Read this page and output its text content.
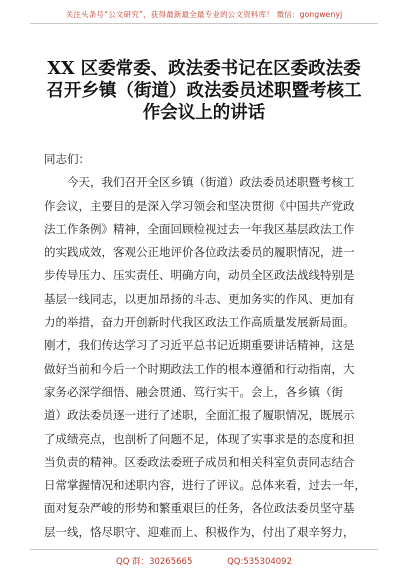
关注头条号“公文研究”，获得最新最全最专业的公文资料库！ 微信：gongwenyj
XX 区委常委、政法委书记在区委政法委
召开乡镇（街道）政法委员述职暨考核工
作会议上的讲话
同志们：
今天，我们召开全区乡镇（街道）政法委员述职暨考核工
作会议，主要目的是深入学习领会和坚决贯彻《中国共产党政
法工作条例》精神，全面回顾检视过去一年我区基层政法工作
的实践成效，客观公正地评价各位政法委员的履职情况，进一
步传导压力、压实责任、明确方向，动员全区政法战线特别是
基层一线同志，以更加昂扬的斗志、更加务实的作风、更加有
力的举措，奋力开创新时代我区政法工作高质量发展新局面。
刚才，我们传达学习了习近平总书记近期重要讲话精神，这是
做好当前和今后一个时期政法工作的根本遵循和行动指南，大
家务必深学细悟、融会贯通、笃行实干。会上，各乡镇（街
道）政法委员逐一进行了述职，全面汇报了履职情况，既展示
了成绩亮点，也剖析了问题不足，体现了实事求是的态度和担
当负责的精神。区委政法委班子成员和相关科室负责同志结合
日常掌握情况和述职内容，进行了评议。总体来看，过去一年，
面对复杂严峻的形势和繁重艰巨的任务，各位政法委员坚守基
层一线，恪尽职守、迎难而上、积极作为，付出了艰辛努力，
QQ 群：30265665	QQ:535304092
